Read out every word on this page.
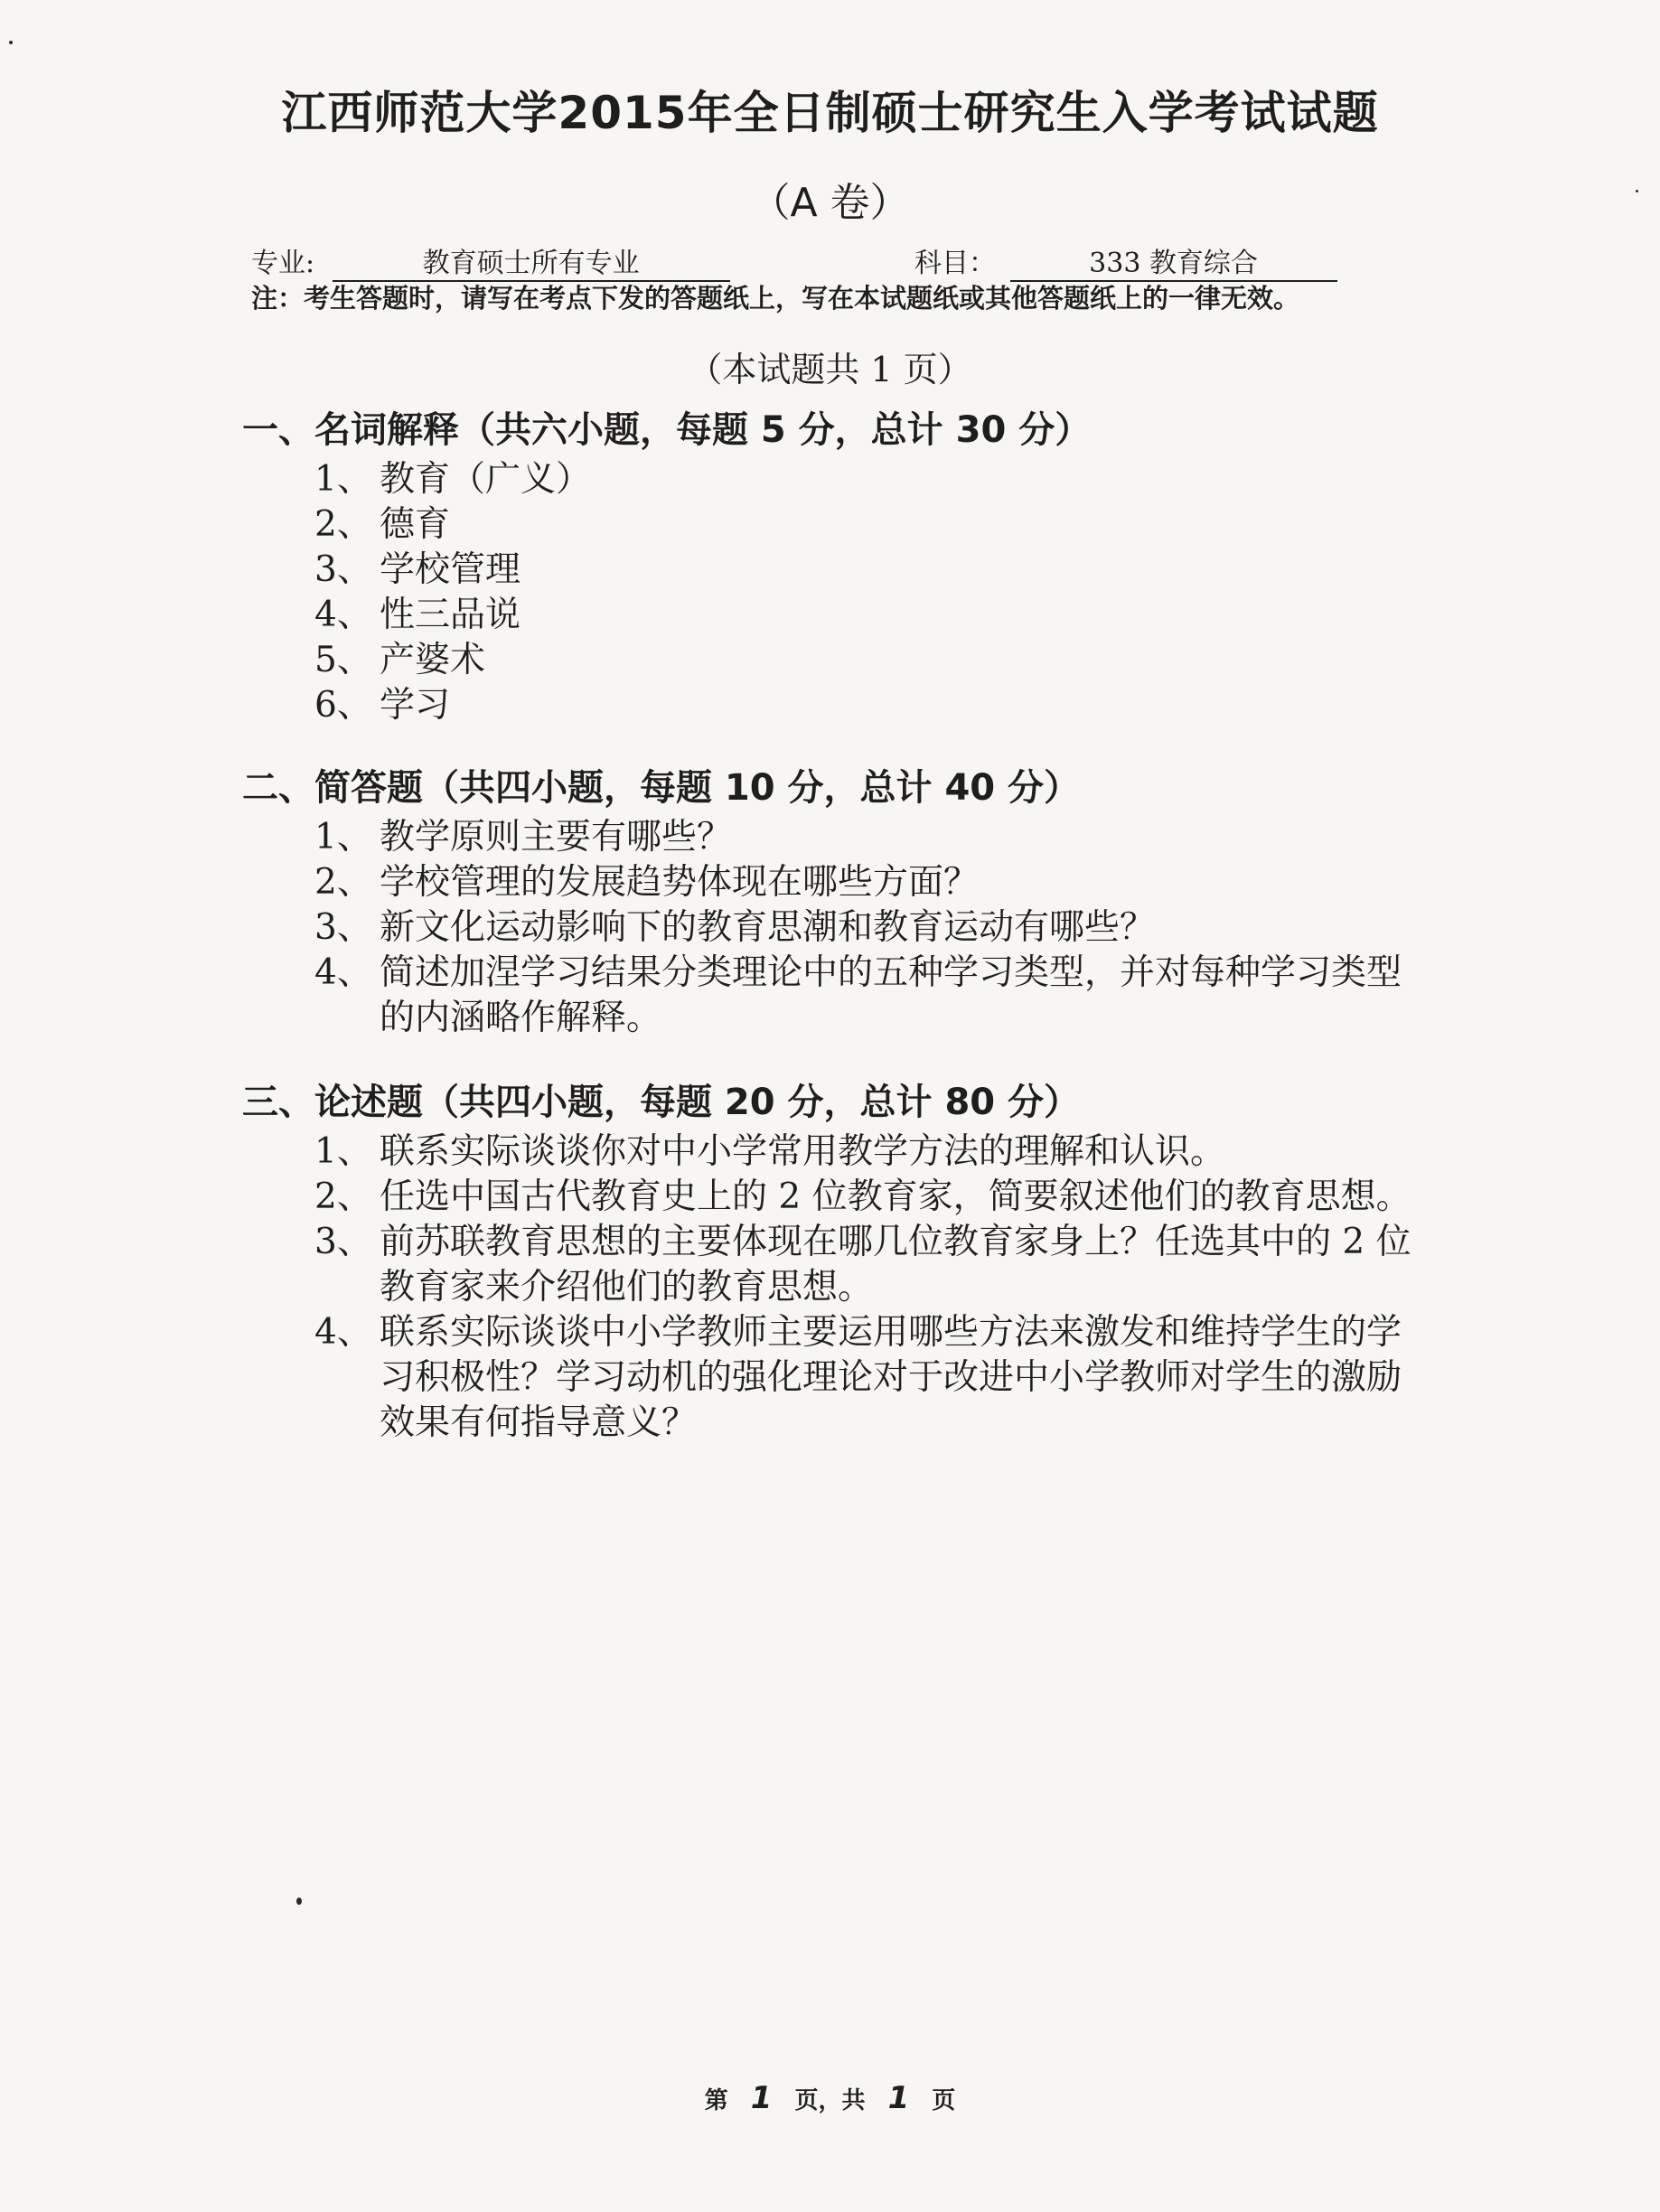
江西师范大学2015年全日制硕士研究生入学考试试题
（A 卷）
专业:	教育硕士所有专业	科目：	333 教育综合
注：考生答题时，请写在考点下发的答题纸上，写在本试题纸或其他答题纸上的一律无效。
（本试题共 1 页）
一、名词解释（共六小题，每题 5 分，总计 30 分）
1、 教育（广义）
2、 德育
3、 学校管理
4、 性三品说
5、 产婆术
6、 学习
二、简答题（共四小题，每题 10 分，总计 40 分）
1、 教学原则主要有哪些？
2、 学校管理的发展趋势体现在哪些方面？
3、 新文化运动影响下的教育思潮和教育运动有哪些？
4、 简述加涅学习结果分类理论中的五种学习类型，并对每种学习类型的内涵略作解释。
三、论述题（共四小题，每题 20 分，总计 80 分）
1、 联系实际谈谈你对中小学常用教学方法的理解和认识。
2、 任选中国古代教育史上的 2 位教育家，简要叙述他们的教育思想。
3、 前苏联教育思想的主要体现在哪几位教育家身上？任选其中的 2 位教育家来介绍他们的教育思想。
4、 联系实际谈谈中小学教师主要运用哪些方法来激发和维持学生的学习积极性？学习动机的强化理论对于改进中小学教师对学生的激励效果有何指导意义？
第 1 页，共 1 页
